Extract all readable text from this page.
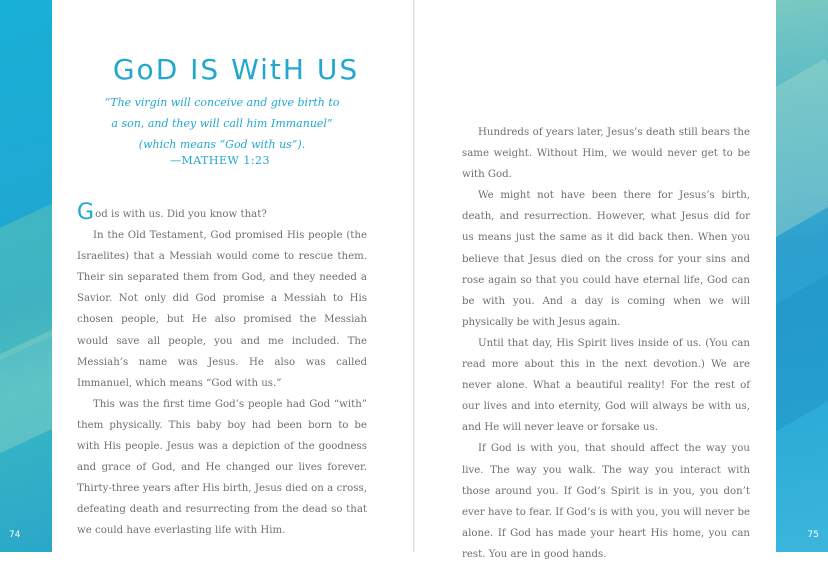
74	75
GoD IS WitH US
“The virgin will conceive and give birth to a son, and they will call him Immanuel” (which means “God with us”).
—MATHEW 1:23

God is with us. Did you know that?

In the Old Testament, God promised His people (the Israelites) that a Messiah would come to rescue them. Their sin separated them from God, and they needed a Savior. Not only did God promise a Messiah to His chosen people, but He also promised the Messiah would save all people, you and me included. The Messiah’s name was Jesus. He also was called Immanuel, which means “God with us.”

This was the first time God’s people had God “with” them physically. This baby boy had been born to be with His people. Jesus was a depiction of the goodness and grace of God, and He changed our lives forever. Thirty-three years after His birth, Jesus died on a cross, defeating death and resurrecting from the dead so that we could have everlasting life with Him.

Hundreds of years later, Jesus’s death still bears the same weight. Without Him, we would never get to be with God.

We might not have been there for Jesus’s birth, death, and resurrection. However, what Jesus did for us means just the same as it did back then. When you believe that Jesus died on the cross for your sins and rose again so that you could have eternal life, God can be with you. And a day is coming when we will physically be with Jesus again.

Until that day, His Spirit lives inside of us. (You can read more about this in the next devotion.) We are never alone. What a beautiful reality! For the rest of our lives and into eternity, God will always be with us, and He will never leave or forsake us.

If God is with you, that should affect the way you live. The way you walk. The way you interact with those around you. If God’s Spirit is in you, you don’t ever have to fear. If God’s is with you, you will never be alone. If God has made your heart His home, you can rest. You are in good hands.
